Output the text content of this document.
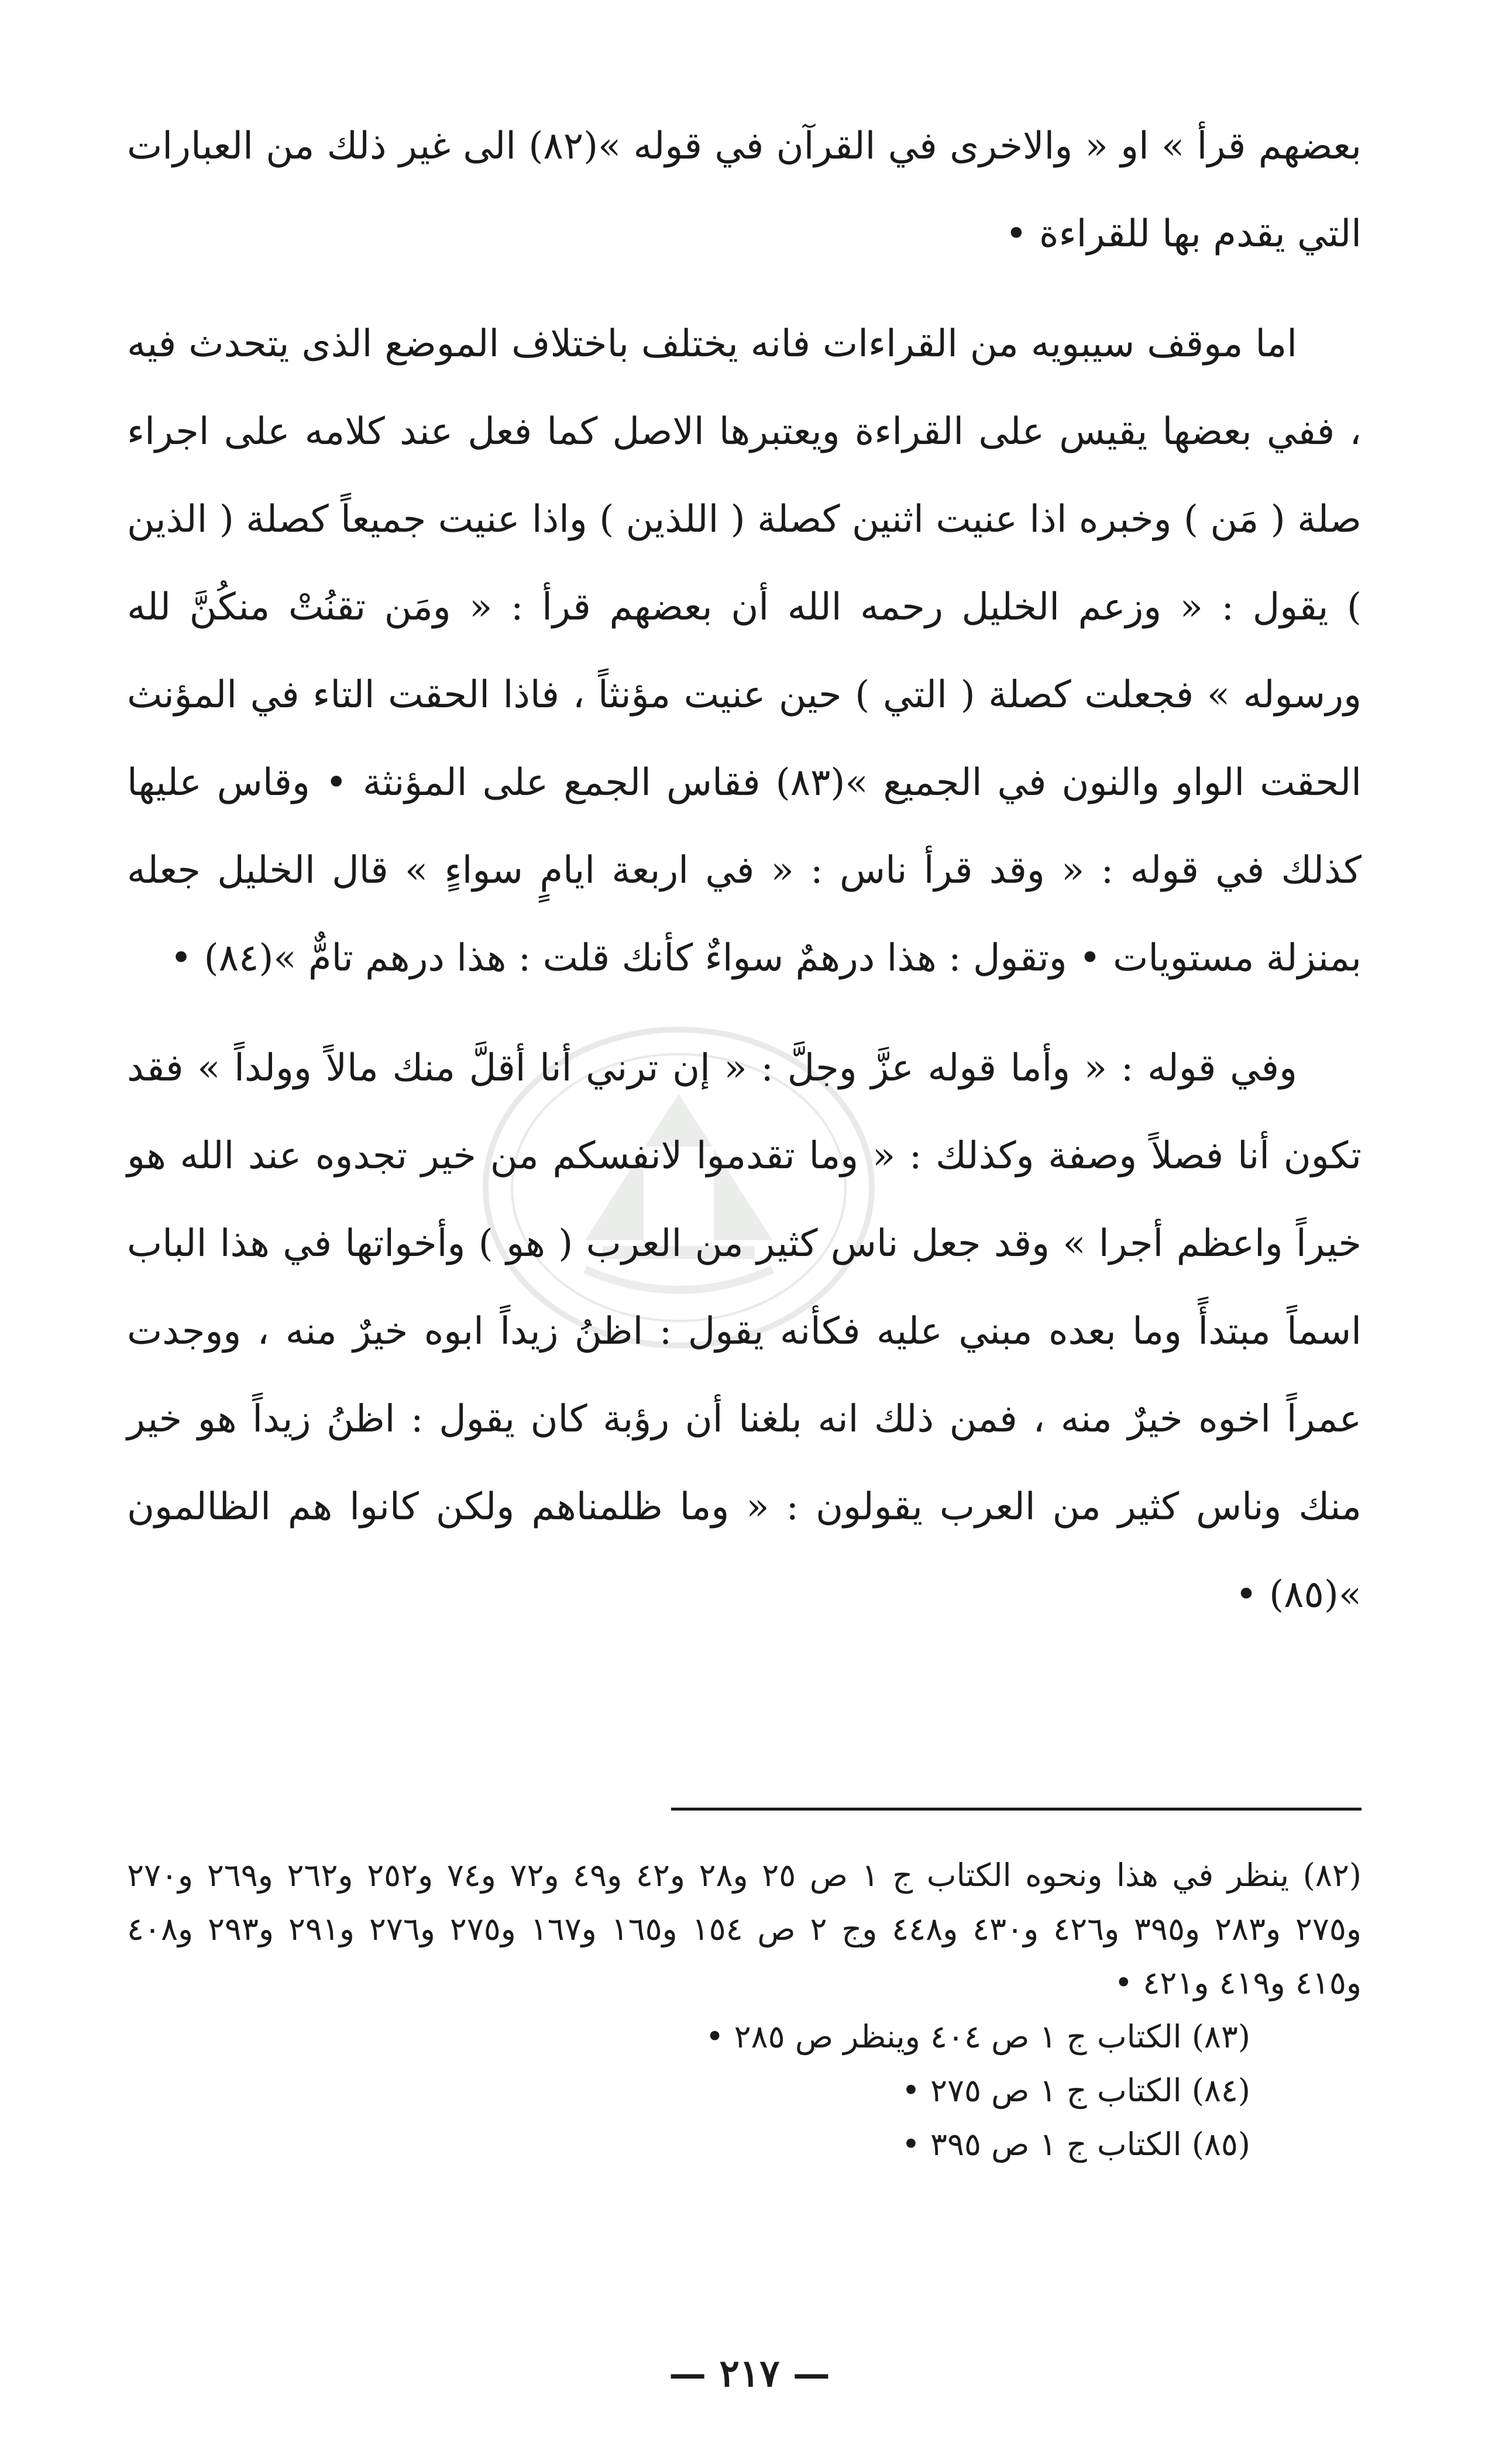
بعضهم قرأ » او « والاخرى في القرآن في قوله »(٨٢) الى غير ذلك من العبارات التي يقدم بها للقراءة •

اما موقف سيبويه من القراءات فانه يختلف باختلاف الموضع الذى يتحدث فيه ، ففي بعضها يقيس على القراءة ويعتبرها الاصل كما فعل عند كلامه على اجراء صلة ( مَن ) وخبره اذا عنيت اثنين كصلة ( اللذين ) واذا عنيت جميعاً كصلة ( الذين ) يقول : « وزعم الخليل رحمه الله أن بعضهم قرأ : « ومَن تقنُتْ منكُنَّ لله ورسوله » فجعلت كصلة ( التي ) حين عنيت مؤنثاً ، فاذا الحقت التاء في المؤنث الحقت الواو والنون في الجميع »(٨٣) فقاس الجمع على المؤنثة • وقاس عليها كذلك في قوله : « وقد قرأ ناس : « في اربعة ايامٍ سواءٍ » قال الخليل جعله بمنزلة مستويات • وتقول : هذا درهمٌ سواءٌ كأنك قلت : هذا درهم تامٌّ »(٨٤) •

وفي قوله : « وأما قوله عزَّ وجلَّ : « إن ترني أنا أقلَّ منك مالاً وولداً » فقد تكون أنا فصلاً وصفة وكذلك : « وما تقدموا لانفسكم من خير تجدوه عند الله هو خيراً واعظم أجرا » وقد جعل ناس كثير من العرب ( هو ) وأخواتها في هذا الباب اسماً مبتدأً وما بعده مبني عليه فكأنه يقول : اظنُ زيداً ابوه خيرٌ منه ، ووجدت عمراً اخوه خيرٌ منه ، فمن ذلك انه بلغنا أن رؤبة كان يقول : اظنُ زيداً هو خير منك وناس كثير من العرب يقولون : « وما ظلمناهم ولكن كانوا هم الظالمون »(٨٥) •

(٨٢) ينظر في هذا ونحوه الكتاب ج ١ ص ٢٥ و٢٨ و٤٢ و٤٩ و٧٢ و٧٤ و٢٥٢ و٢٦٢ و٢٦٩ و٢٧٠ و٢٧٥ و٢٨٣ و٣٩٥ و٤٢٦ و٤٣٠ و٤٤٨ وج ٢ ص ١٥٤ و١٦٥ و١٦٧ و٢٧٥ و٢٧٦ و٢٩١ و٢٩٣ و٤٠٨ و٤١٥ و٤١٩ و٤٢١ •

(٨٣) الكتاب ج ١ ص ٤٠٤ وينظر ص ٢٨٥ •

(٨٤) الكتاب ج ١ ص ٢٧٥ •

(٨٥) الكتاب ج ١ ص ٣٩٥ •

— ٢١٧ —
